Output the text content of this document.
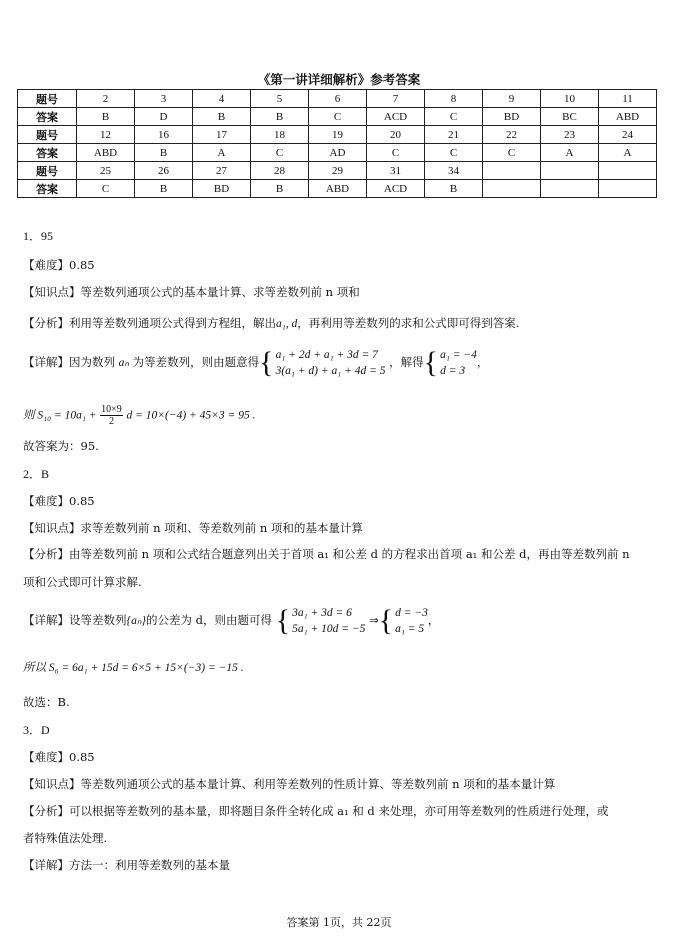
《第一讲详细解析》参考答案
题号	2	3	4	5	6	7	8	9	10	11
答案	B	D	B	B	C	ACD	C	BD	BC	ABD
题号	12	16	17	18	19	20	21	22	23	24
答案	ABD	B	A	C	AD	C	C	C	A	A
题号	25	26	27	28	29	31	34			
答案	C	B	BD	B	ABD	ACD	B			
1．95
【难度】0.85
【知识点】等差数列通项公式的基本量计算、求等差数列前 n 项和
【分析】利用等差数列通项公式得到方程组，解出a₁, d，再利用等差数列的求和公式即可得到答案.
【详解】因为数列 aₙ 为等差数列，则由题意得{ a₁ + 2d + a₁ + 3d = 7
3(a₁ + d) + a₁ + 4d = 5 ，解得{ a₁ = −4
d = 3，
则 $S_{10} = 10a_1 + \frac{10\times 9}{2}$ d = 10×(−4) + 45×3 = 95 .
故答案为：95.
2．B
【难度】0.85
【知识点】求等差数列前 n 项和、等差数列前 n 项和的基本量计算
【分析】由等差数列前 n 项和公式结合题意列出关于首项 a₁ 和公差 d 的方程求出首项 a₁ 和公差 d，再由等差数列前 n
项和公式即可计算求解.
【详解】设等差数列{aₙ}的公差为 d，则由题可得 { 3a₁ + 3d = 6
5a₁ + 10d = −5 ⇒{ d = −3
a₁ = 5，
所以 S₆ = 6a₁ + 15d = 6×5 + 15×(−3) = −15 .
故选：B.
3．D
【难度】0.85
【知识点】等差数列通项公式的基本量计算、利用等差数列的性质计算、等差数列前 n 项和的基本量计算
【分析】可以根据等差数列的基本量，即将题目条件全转化成 a₁ 和 d 来处理，亦可用等差数列的性质进行处理，或
者特殊值法处理.
【详解】方法一：利用等差数列的基本量
答案第 1页，共 22页
